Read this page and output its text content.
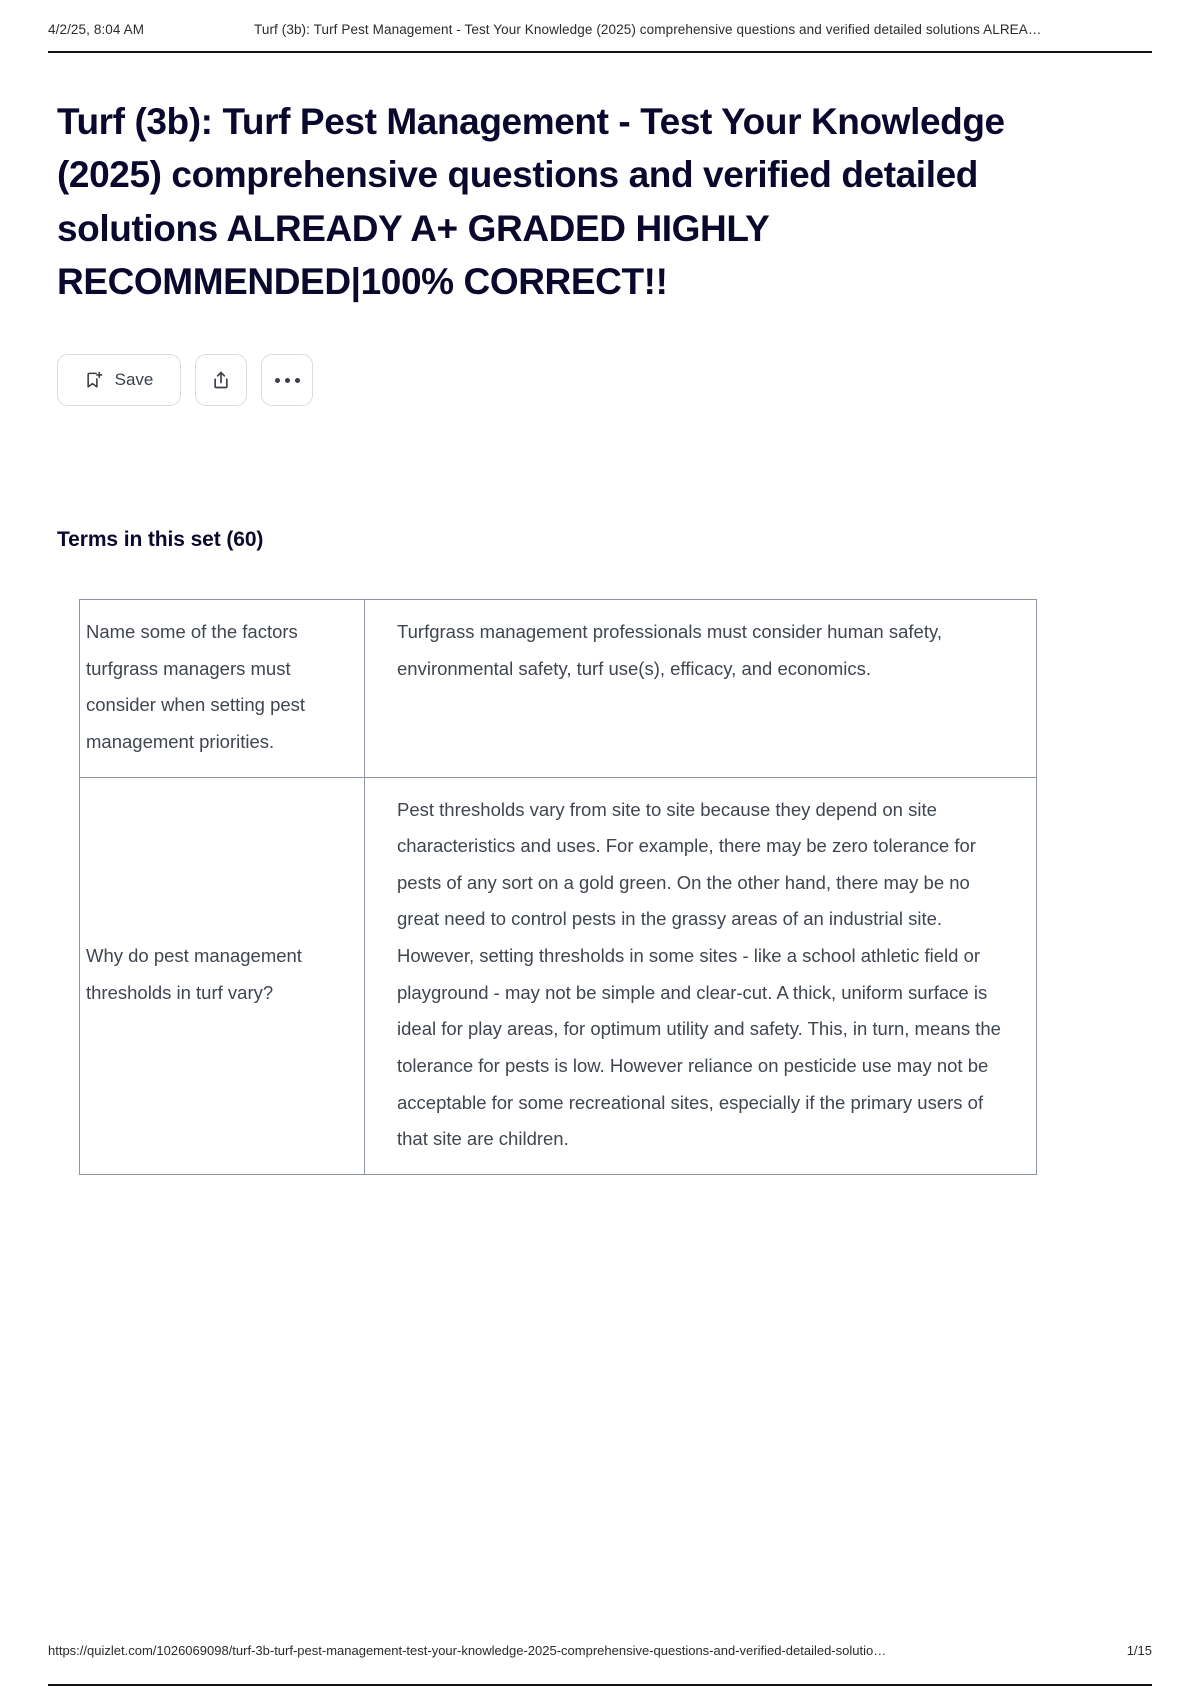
4/2/25, 8:04 AM	Turf (3b): Turf Pest Management - Test Your Knowledge (2025) comprehensive questions and verified detailed solutions ALREA…
Turf (3b): Turf Pest Management - Test Your Knowledge (2025) comprehensive questions and verified detailed solutions ALREADY A+ GRADED HIGHLY RECOMMENDED|100% CORRECT!!
Save
Terms in this set (60)
Name some of the factors turfgrass managers must consider when setting pest management priorities.	Turfgrass management professionals must consider human safety, environmental safety, turf use(s), efficacy, and economics.
Why do pest management thresholds in turf vary?	Pest thresholds vary from site to site because they depend on site characteristics and uses. For example, there may be zero tolerance for pests of any sort on a gold green. On the other hand, there may be no great need to control pests in the grassy areas of an industrial site. However, setting thresholds in some sites - like a school athletic field or playground - may not be simple and clear-cut. A thick, uniform surface is ideal for play areas, for optimum utility and safety. This, in turn, means the tolerance for pests is low. However reliance on pesticide use may not be acceptable for some recreational sites, especially if the primary users of that site are children.
https://quizlet.com/1026069098/turf-3b-turf-pest-management-test-your-knowledge-2025-comprehensive-questions-and-verified-detailed-solutio…	1/15
